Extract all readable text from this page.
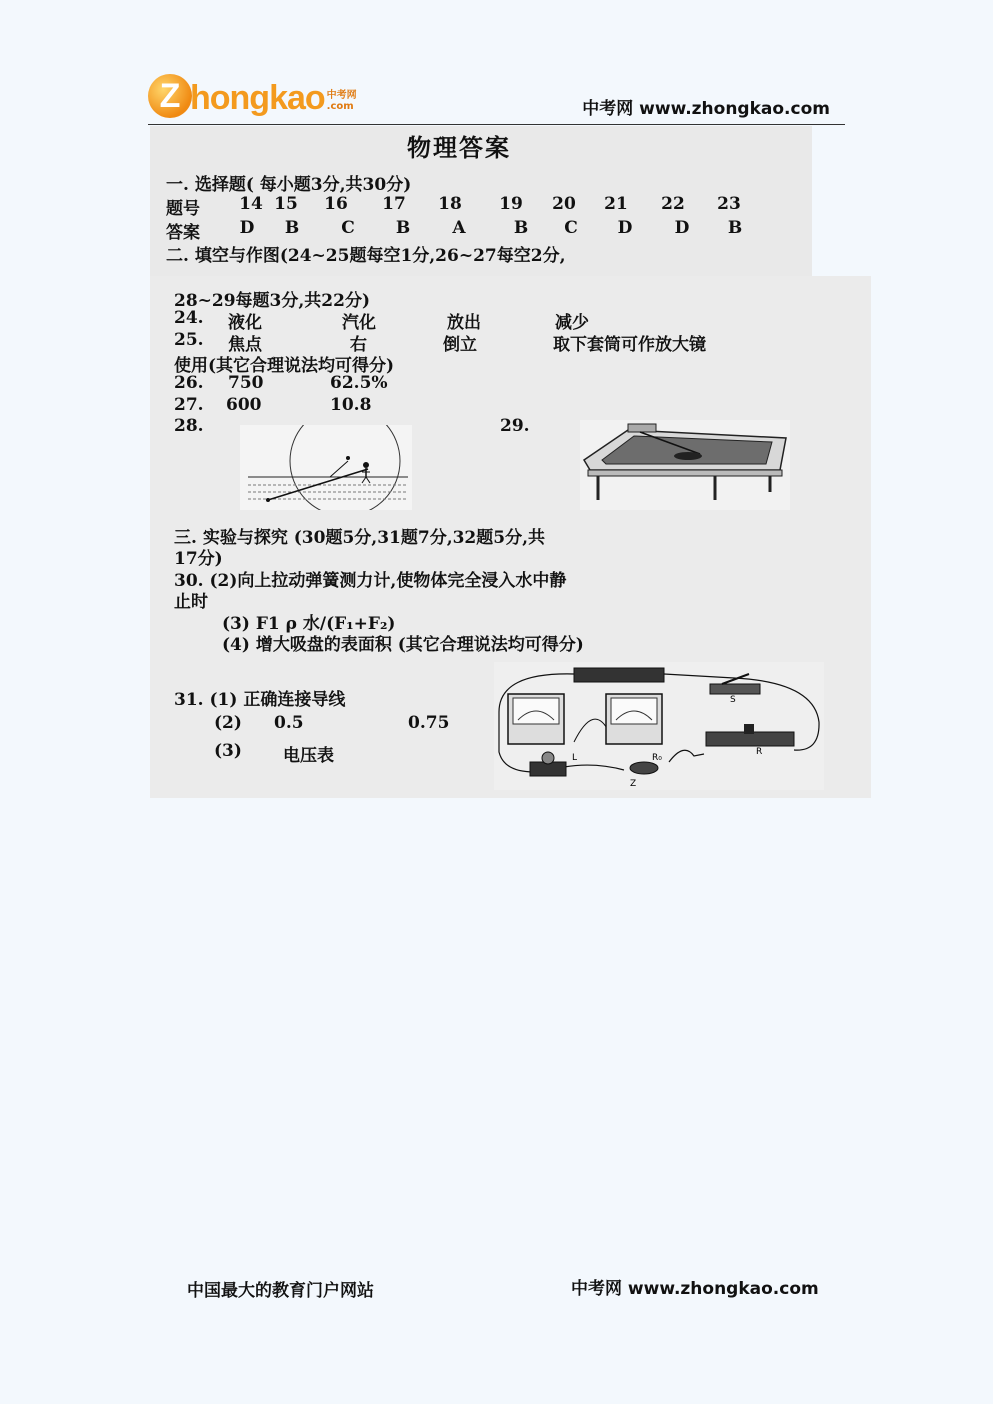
Z hongkao 中考网
.com	中考网 www.zhongkao.com
物理答案
一. 选择题( 每小题3分,共30分)
题号 14 15 16 17 18 19 20 21 22 23
答案 D B C B A	B C D D B
二. 填空与作图(24~25题每空1分,26~27每空2分,
28~29每题3分,共22分)
24. 液化	汽化	放出	减少
25. 焦点	右	倒立	取下套筒可作放大镜
使用(其它合理说法均可得分)
26. 750	62.5%
27. 600	10.8
28.	29.
三. 实验与探究 (30题5分,31题7分,32题5分,共
17分)
30. (2)向上拉动弹簧测力计,使物体完全浸入水中静
止时
(3) F1 ρ 水/(F₁+F₂)
(4) 增大吸盘的表面积 (其它合理说法均可得分)
31. (1) 正确连接导线
(2) 0.5	0.75
(3) 电压表
S
R
L	R₀
Z
中国最大的教育门户网站	中考网 www.zhongkao.com
